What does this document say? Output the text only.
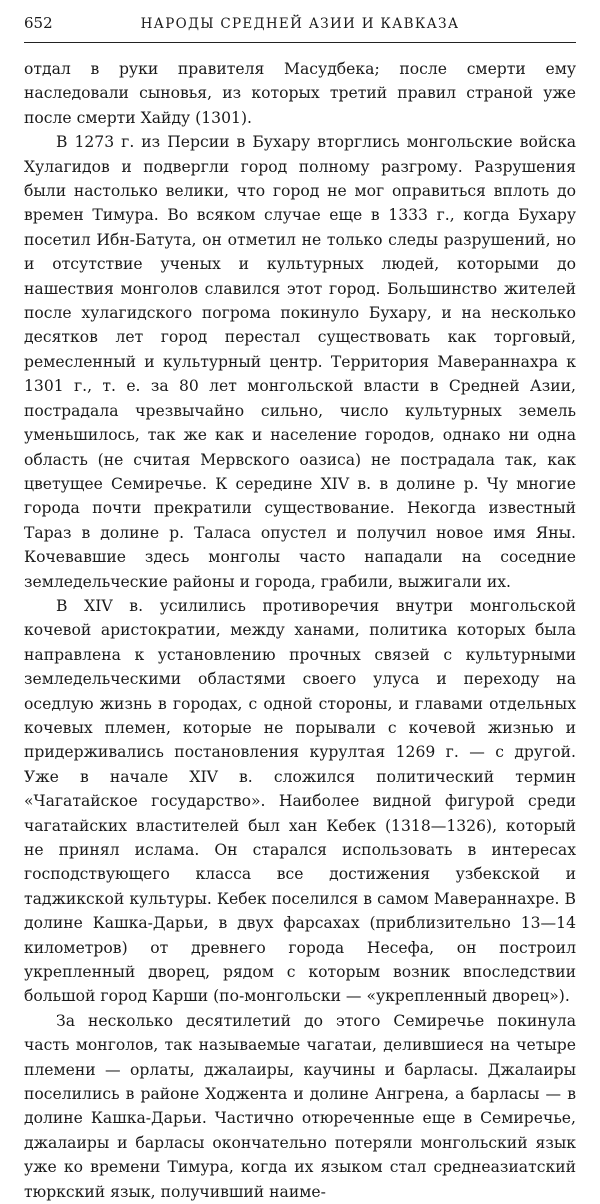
652	НАРОДЫ СРЕДНЕЙ АЗИИ И КАВКАЗА

отдал в руки правителя Масудбека; после смерти ему наследовали сыновья, из которых третий правил страной уже после смерти Хайду (1301).

В 1273 г. из Персии в Бухару вторглись монгольские войска Хулагидов и подвергли город полному разгрому. Разрушения были настолько велики, что город не мог оправиться вплоть до времен Тимура. Во всяком случае еще в 1333 г., когда Бухару посетил Ибн-Батута, он отметил не только следы разрушений, но и отсутствие ученых и культурных людей, которыми до нашествия монголов славился этот город. Большинство жителей после хулагидского погрома покинуло Бухару, и на несколько десятков лет город перестал существовать как торговый, ремесленный и культурный центр. Территория Мавераннахра к 1301 г., т. е. за 80 лет монгольской власти в Средней Азии, пострадала чрезвычайно сильно, число культурных земель уменьшилось, так же как и население городов, однако ни одна область (не считая Мервского оазиса) не пострадала так, как цветущее Семиречье. К середине XIV в. в долине р. Чу многие города почти прекратили существование. Некогда известный Тараз в долине р. Таласа опустел и получил новое имя Яны. Кочевавшие здесь монголы часто нападали на соседние земледельческие районы и города, грабили, выжигали их.

В XIV в. усилились противоречия внутри монгольской кочевой аристократии, между ханами, политика которых была направлена к установлению прочных связей с культурными земледельческими областями своего улуса и переходу на оседлую жизнь в городах, с одной стороны, и главами отдельных кочевых племен, которые не порывали с кочевой жизнью и придерживались постановления курултая 1269 г. — с другой. Уже в начале XIV в. сложился политический термин «Чагатайское государство». Наиболее видной фигурой среди чагатайских властителей был хан Кебек (1318—1326), который не принял ислама. Он старался использовать в интересах господствующего класса все достижения узбекской и таджикской культуры. Кебек поселился в самом Мавераннахре. В долине Кашка-Дарьи, в двух фарсахах (приблизительно 13—14 километров) от древнего города Несефа, он построил укрепленный дворец, рядом с которым возник впоследствии большой город Карши (по-монгольски — «укрепленный дворец»).

За несколько десятилетий до этого Семиречье покинула часть монголов, так называемые чагатаи, делившиеся на четыре племени — орлаты, джалаиры, каучины и барласы. Джалаиры поселились в районе Ходжента и долине Ангрена, а барласы — в долине Кашка-Дарьи. Частично отюреченные еще в Семиречье, джалаиры и барласы окончательно потеряли монгольский язык уже ко времени Тимура, когда их языком стал среднеазиатский тюркский язык, получивший наиме-
